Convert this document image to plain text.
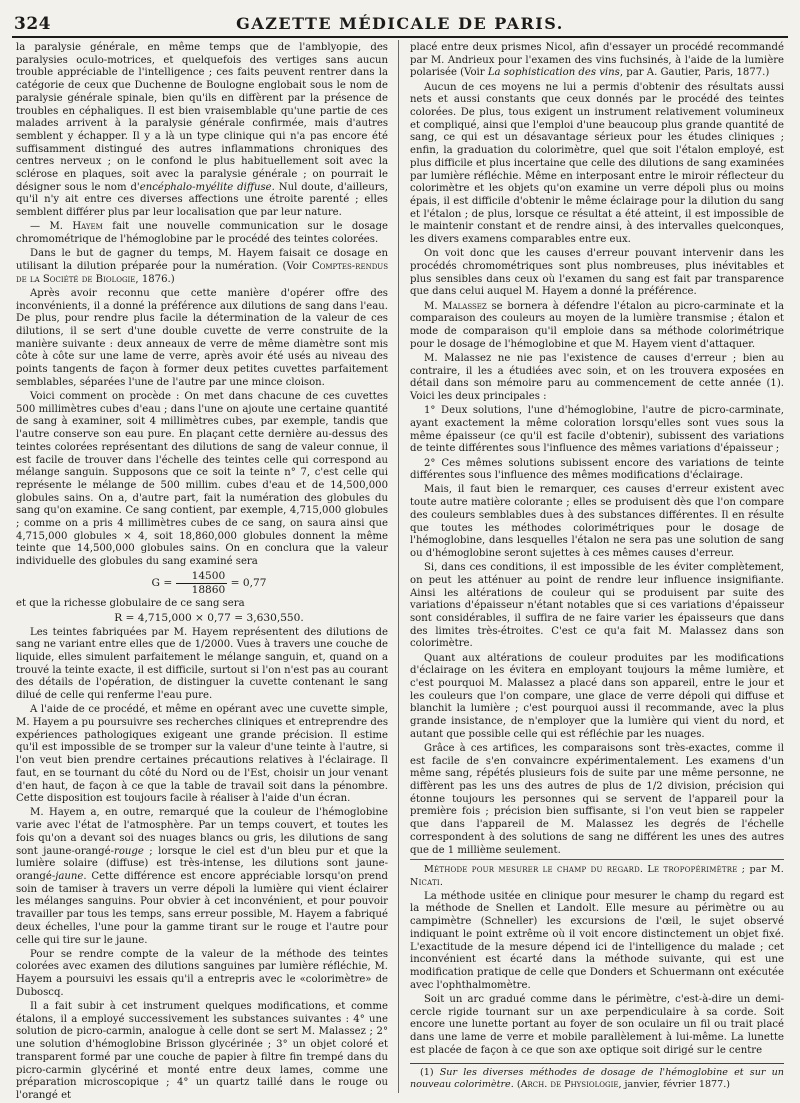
324	GAZETTE MÉDICALE DE PARIS.

la paralysie générale, en même temps que de l'amblyopie, des paralysies oculo-motrices, et quelquefois des vertiges sans aucun trouble appréciable de l'intelligence ; ces faits peuvent rentrer dans la catégorie de ceux que Duchenne de Boulogne englobait sous le nom de paralysie générale spinale, bien qu'ils en diffèrent par la présence de troubles en céphaliques. Il est bien vraisemblable qu'une partie de ces malades arrivent à la paralysie générale confirmée, mais d'autres semblent y échapper. Il y a là un type clinique qui n'a pas encore été suffisamment distingué des autres inflammations chroniques des centres nerveux ; on le confond le plus habituellement soit avec la sclérose en plaques, soit avec la paralysie générale ; on pourrait le désigner sous le nom d'encéphalo-myélite diffuse. Nul doute, d'ailleurs, qu'il n'y ait entre ces diverses affections une étroite parenté ; elles semblent différer plus par leur localisation que par leur nature.

— M. Hayem fait une nouvelle communication sur le dosage chromométrique de l'hémoglobine par le procédé des teintes colorées.

Dans le but de gagner du temps, M. Hayem faisait ce dosage en utilisant la dilution préparée pour la numération. (Voir Comptes-rendus de la Société de Biologie, 1876.)

Après avoir reconnu que cette manière d'opérer offre des inconvénients, il a donné la préférence aux dilutions de sang dans l'eau. De plus, pour rendre plus facile la détermination de la valeur de ces dilutions, il se sert d'une double cuvette de verre construite de la manière suivante : deux anneaux de verre de même diamètre sont mis côte à côte sur une lame de verre, après avoir été usés au niveau des points tangents de façon à former deux petites cuvettes parfaitement semblables, séparées l'une de l'autre par une mince cloison.

Voici comment on procède : On met dans chacune de ces cuvettes 500 millimètres cubes d'eau ; dans l'une on ajoute une certaine quantité de sang à examiner, soit 4 millimètres cubes, par exemple, tandis que l'autre conserve son eau pure. En plaçant cette dernière au-dessus des teintes colorées représentant des dilutions de sang de valeur connue, il est facile de trouver dans l'échelle des teintes celle qui correspond au mélange sanguin. Supposons que ce soit la teinte n° 7, c'est celle qui représente le mélange de 500 millim. cubes d'eau et de 14,500,000 globules sains. On a, d'autre part, fait la numération des globules du sang qu'on examine. Ce sang contient, par exemple, 4,715,000 globules ; comme on a pris 4 millimètres cubes de ce sang, on saura ainsi que 4,715,000 globules × 4, soit 18,860,000 globules donnent la même teinte que 14,500,000 globules sains. On en conclura que la valeur individuelle des globules du sang examiné sera

$G = \frac{14500}{18860} = 0,77$

et que la richesse globulaire de ce sang sera

R = 4,715,000 × 0,77 = 3,630,550.

Les teintes fabriquées par M. Hayem représentent des dilutions de sang ne variant entre elles que de 1/2000. Vues à travers une couche de liquide, elles simulent parfaitement le mélange sanguin, et, quand on a trouvé la teinte exacte, il est difficile, surtout si l'on n'est pas au courant des détails de l'opération, de distinguer la cuvette contenant le sang dilué de celle qui renferme l'eau pure.

A l'aide de ce procédé, et même en opérant avec une cuvette simple, M. Hayem a pu poursuivre ses recherches cliniques et entreprendre des expériences pathologiques exigeant une grande précision. Il estime qu'il est impossible de se tromper sur la valeur d'une teinte à l'autre, si l'on veut bien prendre certaines précautions relatives à l'éclairage. Il faut, en se tournant du côté du Nord ou de l'Est, choisir un jour venant d'en haut, de façon à ce que la table de travail soit dans la pénombre. Cette disposition est toujours facile à réaliser à l'aide d'un écran.

M. Hayem a, en outre, remarqué que la couleur de l'hémoglobine varie avec l'état de l'atmosphère. Par un temps couvert, et toutes les fois qu'on a devant soi des nuages blancs ou gris, les dilutions de sang sont jaune-orangé-rouge ; lorsque le ciel est d'un bleu pur et que la lumière solaire (diffuse) est très-intense, les dilutions sont jaune-orangé-jaune. Cette différence est encore appréciable lorsqu'on prend soin de tamiser à travers un verre dépoli la lumière qui vient éclairer les mélanges sanguins. Pour obvier à cet inconvénient, et pour pouvoir travailler par tous les temps, sans erreur possible, M. Hayem a fabriqué deux échelles, l'une pour la gamme tirant sur le rouge et l'autre pour celle qui tire sur le jaune.

Pour se rendre compte de la valeur de la méthode des teintes colorées avec examen des dilutions sanguines par lumière réfléchie, M. Hayem a poursuivi les essais qu'il a entrepris avec le «colorimètre» de Duboscq.

Il a fait subir à cet instrument quelques modifications, et comme étalons, il a employé successivement les substances suivantes : 4° une solution de picro-carmin, analogue à celle dont se sert M. Malassez ; 2° une solution d'hémoglobine Brisson glycérinée ; 3° un objet coloré et transparent formé par une couche de papier à filtre fin trempé dans du picro-carmin glycériné et monté entre deux lames, comme une préparation microscopique ; 4° un quartz taillé dans le rouge ou l'orangé et

placé entre deux prismes Nicol, afin d'essayer un procédé recommandé par M. Andrieux pour l'examen des vins fuchsinés, à l'aide de la lumière polarisée (Voir La sophistication des vins, par A. Gautier, Paris, 1877.)

Aucun de ces moyens ne lui a permis d'obtenir des résultats aussi nets et aussi constants que ceux donnés par le procédé des teintes colorées. De plus, tous exigent un instrument relativement volumineux et compliqué, ainsi que l'emploi d'une beaucoup plus grande quantité de sang, ce qui est un désavantage sérieux pour les études cliniques ; enfin, la graduation du colorimètre, quel que soit l'étalon employé, est plus difficile et plus incertaine que celle des dilutions de sang examinées par lumière réfléchie. Même en interposant entre le miroir réflecteur du colorimètre et les objets qu'on examine un verre dépoli plus ou moins épais, il est difficile d'obtenir le même éclairage pour la dilution du sang et l'étalon ; de plus, lorsque ce résultat a été atteint, il est impossible de le maintenir constant et de rendre ainsi, à des intervalles quelconques, les divers examens comparables entre eux.

On voit donc que les causes d'erreur pouvant intervenir dans les procédés chromométriques sont plus nombreuses, plus inévitables et plus sensibles dans ceux où l'examen du sang est fait par transparence que dans celui auquel M. Hayem a donné la préférence.

M. Malassez se bornera à défendre l'étalon au picro-carminate et la comparaison des couleurs au moyen de la lumière transmise ; étalon et mode de comparaison qu'il emploie dans sa méthode colorimétrique pour le dosage de l'hémoglobine et que M. Hayem vient d'attaquer.

M. Malassez ne nie pas l'existence de causes d'erreur ; bien au contraire, il les a étudiées avec soin, et on les trouvera exposées en détail dans son mémoire paru au commencement de cette année (1). Voici les deux principales :

1° Deux solutions, l'une d'hémoglobine, l'autre de picro-carminate, ayant exactement la même coloration lorsqu'elles sont vues sous la même épaisseur (ce qu'il est facile d'obtenir), subissent des variations de teinte différentes sous l'influence des mêmes variations d'épaisseur ;

2° Ces mêmes solutions subissent encore des variations de teinte différentes sous l'influence des mêmes modifications d'éclairage.

Mais, il faut bien le remarquer, ces causes d'erreur existent avec toute autre matière colorante ; elles se produisent dès que l'on compare des couleurs semblables dues à des substances différentes. Il en résulte que toutes les méthodes colorimétriques pour le dosage de l'hémoglobine, dans lesquelles l'étalon ne sera pas une solution de sang ou d'hémoglobine seront sujettes à ces mêmes causes d'erreur.

Si, dans ces conditions, il est impossible de les éviter complètement, on peut les atténuer au point de rendre leur influence insignifiante. Ainsi les altérations de couleur qui se produisent par suite des variations d'épaisseur n'étant notables que si ces variations d'épaisseur sont considérables, il suffira de ne faire varier les épaisseurs que dans des limites très-étroites. C'est ce qu'a fait M. Malassez dans son colorimètre.

Quant aux altérations de couleur produites par les modifications d'éclairage on les évitera en employant toujours la même lumière, et c'est pourquoi M. Malassez a placé dans son appareil, entre le jour et les couleurs que l'on compare, une glace de verre dépoli qui diffuse et blanchit la lumière ; c'est pourquoi aussi il recommande, avec la plus grande insistance, de n'employer que la lumière qui vient du nord, et autant que possible celle qui est réfléchie par les nuages.

Grâce à ces artifices, les comparaisons sont très-exactes, comme il est facile de s'en convaincre expérimentalement. Les examens d'un même sang, répétés plusieurs fois de suite par une même personne, ne diffèrent pas les uns des autres de plus de 1/2 division, précision qui étonne toujours les personnes qui se servent de l'appareil pour la première fois ; précision bien suffisante, si l'on veut bien se rappeler que dans l'appareil de M. Malassez les degrés de l'échelle correspondent à des solutions de sang ne différent les unes des autres que de 1 millième seulement.

Méthode pour mesurer le champ du regard. Le tropopérimètre ; par M. Nicati.

La méthode usitée en clinique pour mesurer le champ du regard est la méthode de Snellen et Landolt. Elle mesure au périmètre ou au campimètre (Schneller) les excursions de l'œil, le sujet observé indiquant le point extrême où il voit encore distinctement un objet fixé. L'exactitude de la mesure dépend ici de l'intelligence du malade ; cet inconvénient est écarté dans la méthode suivante, qui est une modification pratique de celle que Donders et Schuermann ont exécutée avec l'ophthalmomètre.

Soit un arc gradué comme dans le périmètre, c'est-à-dire un demi-cercle rigide tournant sur un axe perpendiculaire à sa corde. Soit encore une lunette portant au foyer de son oculaire un fil ou trait placé dans une lame de verre et mobile parallèlement à lui-même. La lunette est placée de façon à ce que son axe optique soit dirigé sur le centre

(1) Sur les diverses méthodes de dosage de l'hémoglobine et sur un nouveau colorimètre. (Arch. de Physiologie, janvier, février 1877.)
